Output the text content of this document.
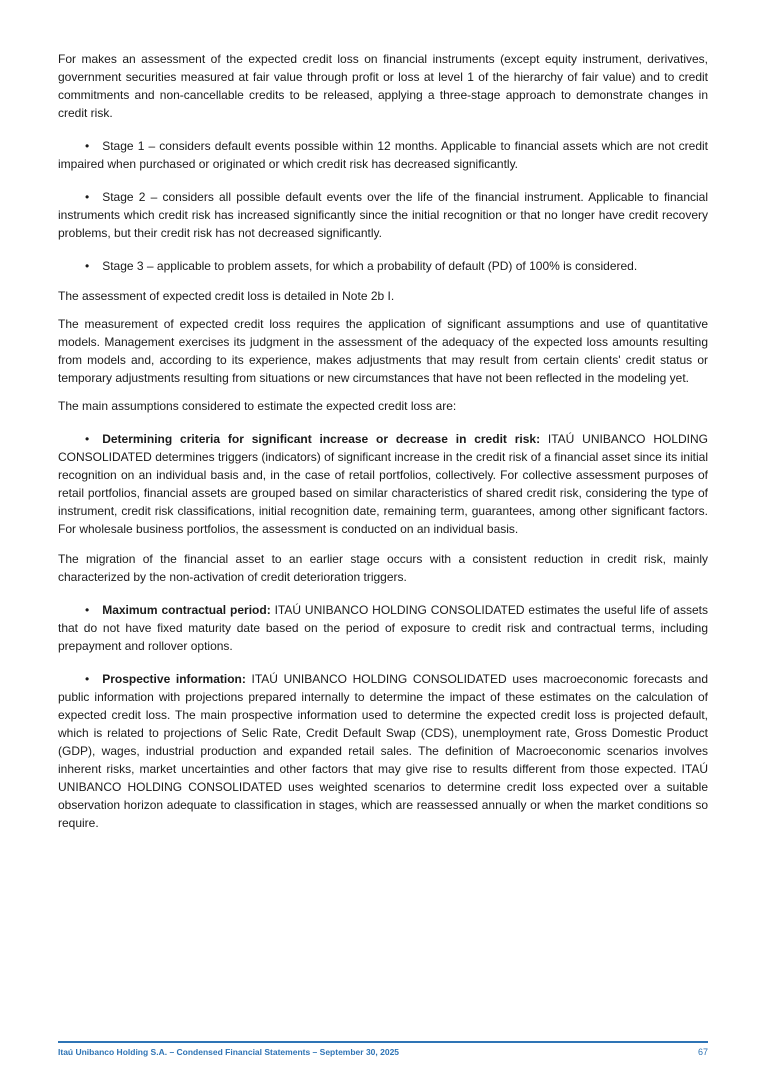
For makes an assessment of the expected credit loss on financial instruments (except equity instrument, derivatives, government securities measured at fair value through profit or loss at level 1 of the hierarchy of fair value) and to credit commitments and non-cancellable credits to be released, applying a three-stage approach to demonstrate changes in credit risk.

• Stage 1 – considers default events possible within 12 months. Applicable to financial assets which are not credit impaired when purchased or originated or which credit risk has decreased significantly.

• Stage 2 – considers all possible default events over the life of the financial instrument. Applicable to financial instruments which credit risk has increased significantly since the initial recognition or that no longer have credit recovery problems, but their credit risk has not decreased significantly.

• Stage 3 – applicable to problem assets, for which a probability of default (PD) of 100% is considered.

The assessment of expected credit loss is detailed in Note 2b I.

The measurement of expected credit loss requires the application of significant assumptions and use of quantitative models. Management exercises its judgment in the assessment of the adequacy of the expected loss amounts resulting from models and, according to its experience, makes adjustments that may result from certain clients' credit status or temporary adjustments resulting from situations or new circumstances that have not been reflected in the modeling yet.

The main assumptions considered to estimate the expected credit loss are:

• Determining criteria for significant increase or decrease in credit risk: ITAÚ UNIBANCO HOLDING CONSOLIDATED determines triggers (indicators) of significant increase in the credit risk of a financial asset since its initial recognition on an individual basis and, in the case of retail portfolios, collectively. For collective assessment purposes of retail portfolios, financial assets are grouped based on similar characteristics of shared credit risk, considering the type of instrument, credit risk classifications, initial recognition date, remaining term, guarantees, among other significant factors. For wholesale business portfolios, the assessment is conducted on an individual basis.

The migration of the financial asset to an earlier stage occurs with a consistent reduction in credit risk, mainly characterized by the non-activation of credit deterioration triggers.

• Maximum contractual period: ITAÚ UNIBANCO HOLDING CONSOLIDATED estimates the useful life of assets that do not have fixed maturity date based on the period of exposure to credit risk and contractual terms, including prepayment and rollover options.

• Prospective information: ITAÚ UNIBANCO HOLDING CONSOLIDATED uses macroeconomic forecasts and public information with projections prepared internally to determine the impact of these estimates on the calculation of expected credit loss. The main prospective information used to determine the expected credit loss is projected default, which is related to projections of Selic Rate, Credit Default Swap (CDS), unemployment rate, Gross Domestic Product (GDP), wages, industrial production and expanded retail sales. The definition of Macroeconomic scenarios involves inherent risks, market uncertainties and other factors that may give rise to results different from those expected. ITAÚ UNIBANCO HOLDING CONSOLIDATED uses weighted scenarios to determine credit loss expected over a suitable observation horizon adequate to classification in stages, which are reassessed annually or when the market conditions so require.

Itaú Unibanco Holding S.A. – Condensed Financial Statements – September 30, 2025	67
